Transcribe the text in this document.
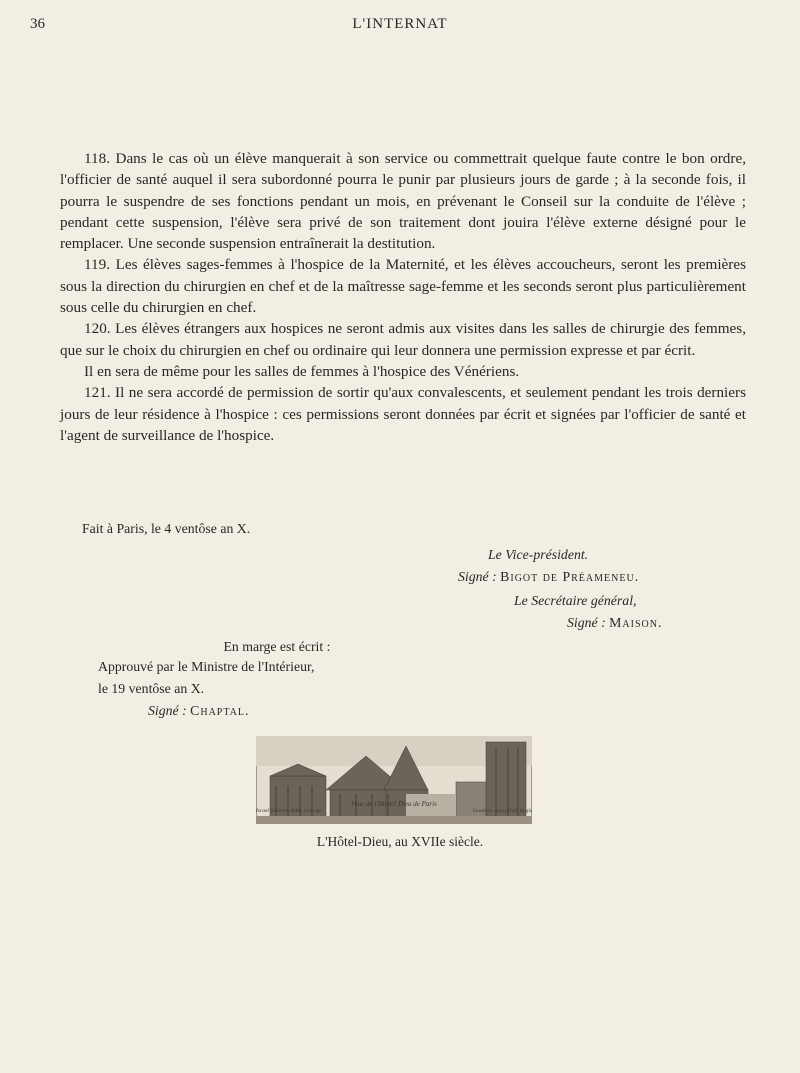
36	L'INTERNAT

118. Dans le cas où un élève manquerait à son service ou commettrait quelque faute contre le bon ordre, l'officier de santé auquel il sera subordonné pourra le punir par plusieurs jours de garde ; à la seconde fois, il pourra le suspendre de ses fonctions pendant un mois, en prévenant le Conseil sur la conduite de l'élève ; pendant cette suspension, l'élève sera privé de son traitement dont jouira l'élève externe désigné pour le remplacer. Une seconde suspension entraînerait la destitution.

119. Les élèves sages-femmes à l'hospice de la Maternité, et les élèves accoucheurs, seront les premières sous la direction du chirurgien en chef et de la maîtresse sage-femme et les seconds seront plus particulièrement sous celle du chirurgien en chef.

120. Les élèves étrangers aux hospices ne seront admis aux visites dans les salles de chirurgie des femmes, que sur le choix du chirurgien en chef ou ordinaire qui leur donnera une permission expresse et par écrit.

Il en sera de même pour les salles de femmes à l'hospice des Vénériens.

121. Il ne sera accordé de permission de sortir qu'aux convalescents, et seulement pendant les trois derniers jours de leur résidence à l'hospice : ces permissions seront données par écrit et signées par l'officier de santé et l'agent de surveillance de l'hospice.

Fait à Paris, le 4 ventôse an X.
Le Vice-président.
Signé : Bigot de Préameneu.
Le Secrétaire général,
Signé : Maison.
En marge est écrit :
Approuvé par le Ministre de l'Intérieur,
le 19 ventôse an X.
Signé : Chaptal.
Veue de l'Hostel Dieu de Paris
Israel Silvestre delin. et sculp.	Israel ex. cum privil. Regis
L'Hôtel-Dieu, au XVIIe siècle.
